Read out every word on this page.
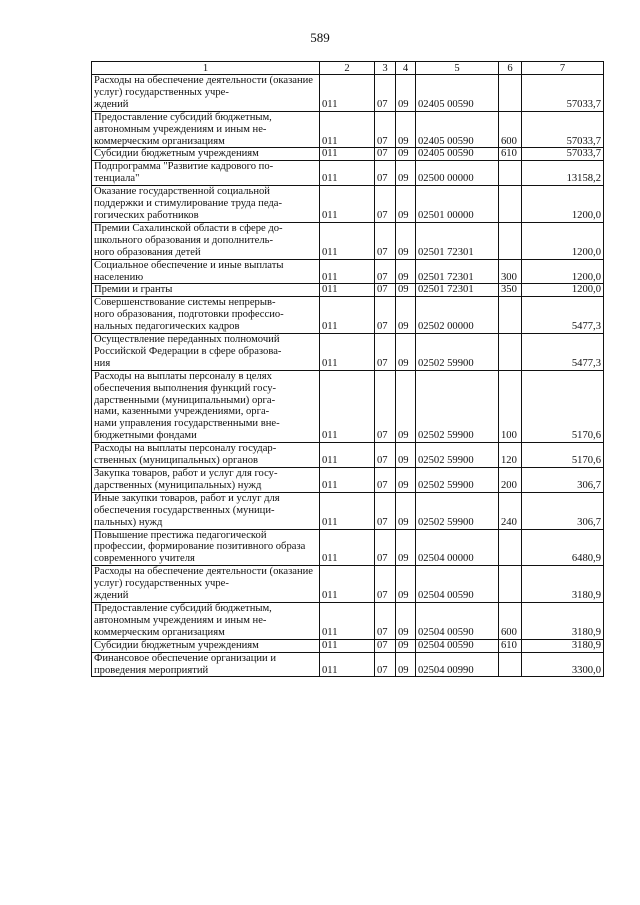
589
1	2	3	4	5	6	7
Расходы на обеспечение деятельности (оказание услуг) государственных учре-
ждений	011	07	09	02405 00590		57033,7
Предоставление субсидий бюджетным, автономным учреждениям и иным не-
коммерческим организациям	011	07	09	02405 00590	600	57033,7
Субсидии бюджетным учреждениям	011	07	09	02405 00590	610	57033,7
Подпрограмма "Развитие кадрового по-
тенциала"	011	07	09	02500 00000		13158,2
Оказание государственной социальной поддержки и стимулирование труда педа-
гогических работников	011	07	09	02501 00000		1200,0
Премии Сахалинской области в сфере до-
школьного образования и дополнитель-
ного образования детей	011	07	09	02501 72301		1200,0
Социальное обеспечение и иные выплаты населению	011	07	09	02501 72301	300	1200,0
Премии и гранты	011	07	09	02501 72301	350	1200,0
Совершенствование системы непрерыв-
ного образования, подготовки профессио-
нальных педагогических кадров	011	07	09	02502 00000		5477,3
Осуществление переданных полномочий Российской Федерации в сфере образова-
ния	011	07	09	02502 59900		5477,3
Расходы на выплаты персоналу в целях обеспечения выполнения функций госу-
дарственными (муниципальными) орга-
нами, казенными учреждениями, орга-
нами управления государственными вне-
бюджетными фондами	011	07	09	02502 59900	100	5170,6
Расходы на выплаты персоналу государ-
ственных (муниципальных) органов	011	07	09	02502 59900	120	5170,6
Закупка товаров, работ и услуг для госу-
дарственных (муниципальных) нужд	011	07	09	02502 59900	200	306,7
Иные закупки товаров, работ и услуг для обеспечения государственных (муници-
пальных) нужд	011	07	09	02502 59900	240	306,7
Повышение престижа педагогической профессии, формирование позитивного образа современного учителя	011	07	09	02504 00000		6480,9
Расходы на обеспечение деятельности (оказание услуг) государственных учре-
ждений	011	07	09	02504 00590		3180,9
Предоставление субсидий бюджетным, автономным учреждениям и иным не-
коммерческим организациям	011	07	09	02504 00590	600	3180,9
Субсидии бюджетным учреждениям	011	07	09	02504 00590	610	3180,9
Финансовое обеспечение организации и проведения мероприятий	011	07	09	02504 00990		3300,0
